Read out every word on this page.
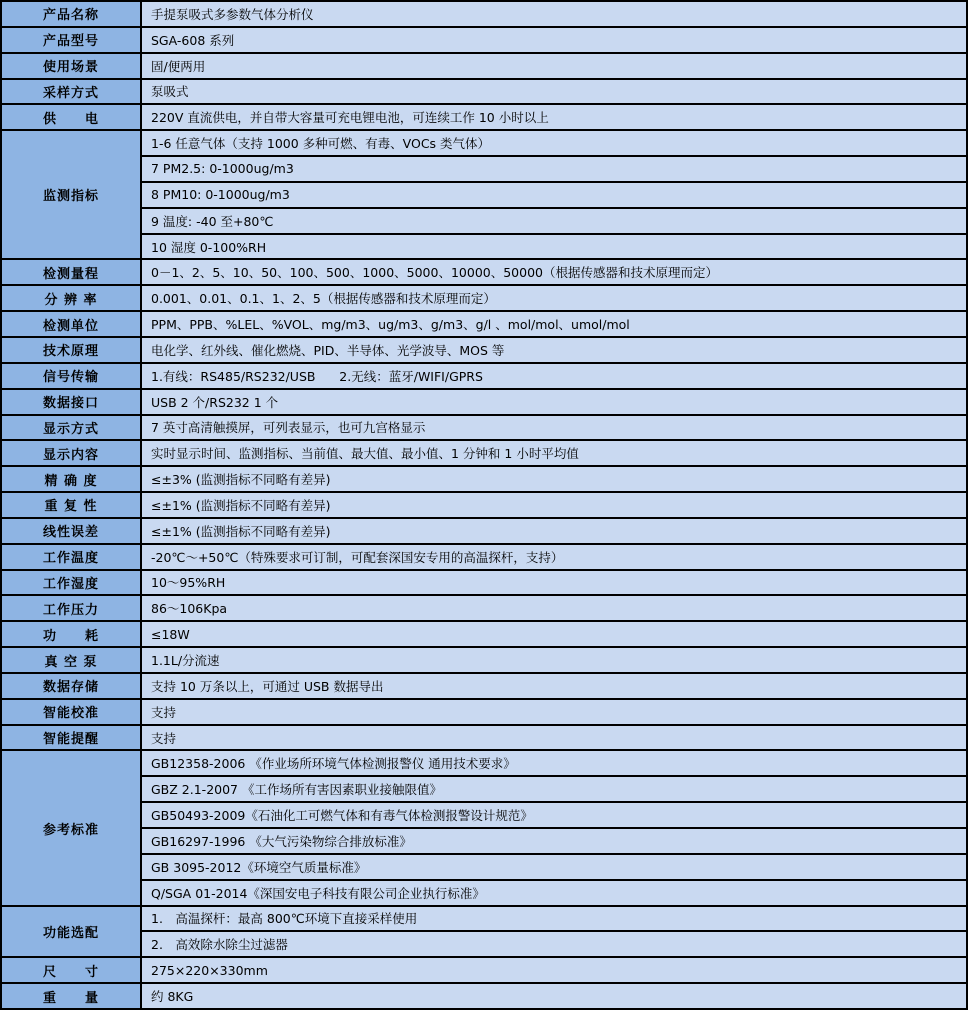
产品名称	手提泵吸式多参数气体分析仪
产品型号	SGA-608 系列
使用场景	固/便两用
采样方式	泵吸式
供　　电	220V 直流供电，并自带大容量可充电锂电池，可连续工作 10 小时以上
监测指标	1-6 任意气体（支持 1000 多种可燃、有毒、VOCs 类气体）
	7 PM2.5: 0-1000ug/m3
	8 PM10: 0-1000ug/m3
	9 温度: -40 至+80℃
	10 湿度 0-100%RH
检测量程	0－1、2、5、10、50、100、500、1000、5000、10000、50000（根据传感器和技术原理而定）
分 辨 率	0.001、0.01、0.1、1、2、5（根据传感器和技术原理而定）
检测单位	PPM、PPB、%LEL、%VOL、mg/m3、ug/m3、g/m3、g/l 、mol/mol、umol/mol
技术原理	电化学、红外线、催化燃烧、PID、半导体、光学波导、MOS 等
信号传输	1.有线：RS485/RS232/USB      2.无线：蓝牙/WIFI/GPRS
数据接口	USB 2 个/RS232 1 个
显示方式	7 英寸高清触摸屏，可列表显示，也可九宫格显示
显示内容	实时显示时间、监测指标、当前值、最大值、最小值、1 分钟和 1 小时平均值
精 确 度	≤±3% (监测指标不同略有差异)
重 复 性	≤±1% (监测指标不同略有差异)
线性误差	≤±1% (监测指标不同略有差异)
工作温度	-20℃～+50℃（特殊要求可订制，可配套深国安专用的高温探杆，支持）
工作湿度	10～95%RH
工作压力	86～106Kpa
功　　耗	≤18W
真 空 泵	1.1L/分流速
数据存储	支持 10 万条以上，可通过 USB 数据导出
智能校准	支持
智能提醒	支持
参考标准	GB12358-2006 《作业场所环境气体检测报警仪 通用技术要求》
	GBZ 2.1-2007 《工作场所有害因素职业接触限值》
	GB50493-2009《石油化工可燃气体和有毒气体检测报警设计规范》
	GB16297-1996 《大气污染物综合排放标准》
	GB 3095-2012《环境空气质量标准》
	Q/SGA 01-2014《深国安电子科技有限公司企业执行标准》
功能选配	1.　高温探杆：最高 800℃环境下直接采样使用
	2.　高效除水除尘过滤器
尺　　寸	275×220×330mm
重　　量	约 8KG
